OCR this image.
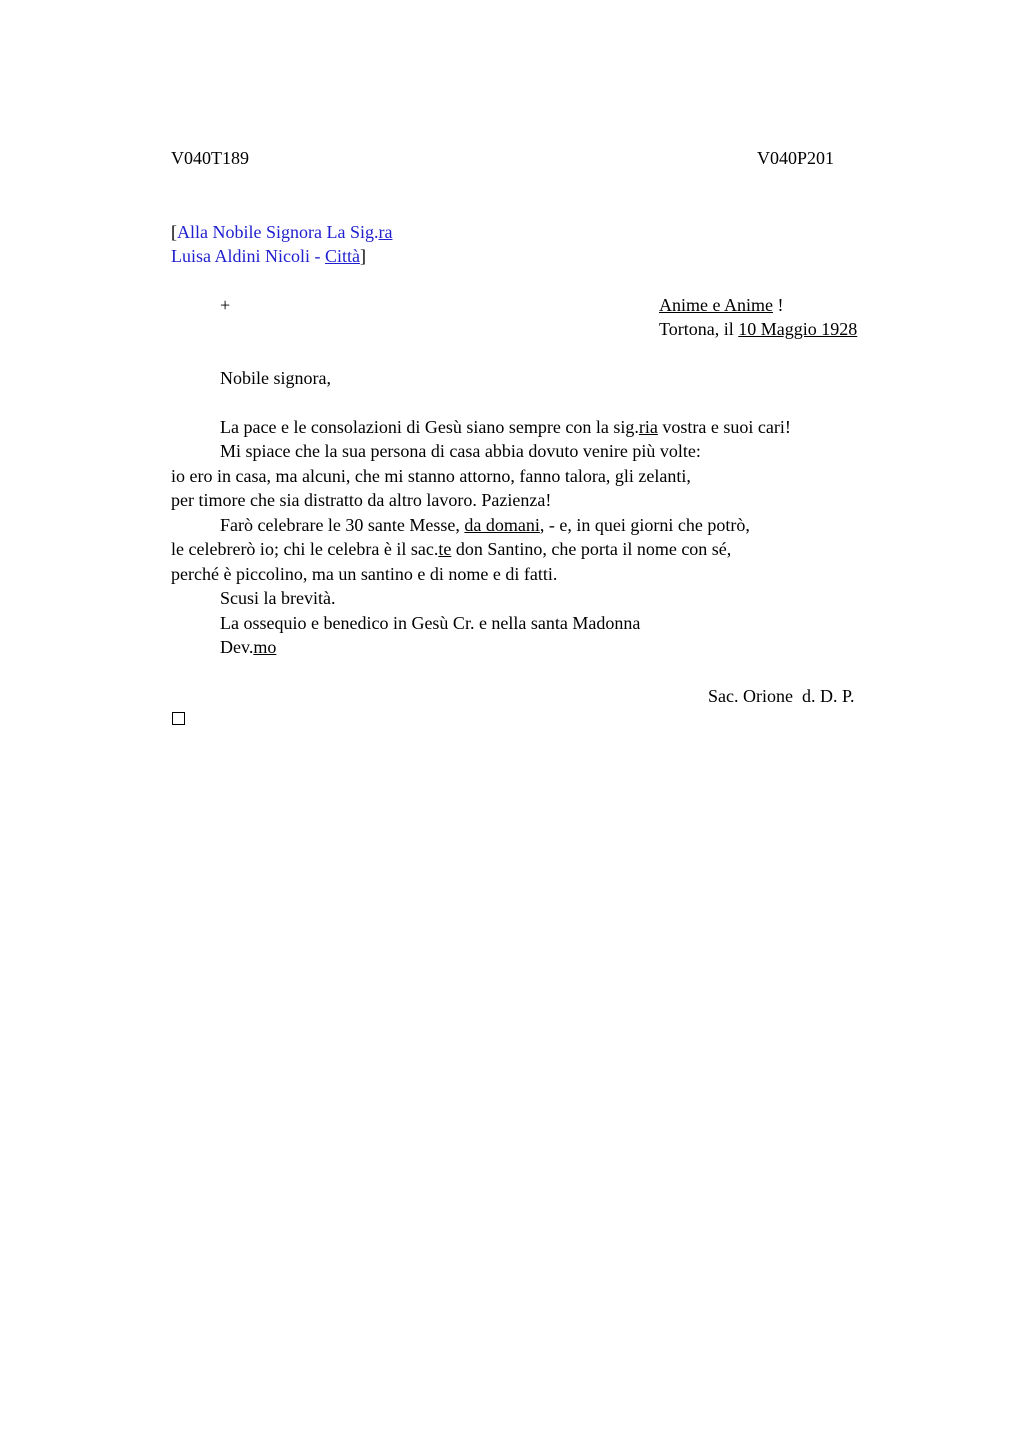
V040T189	V040P201
[Alla Nobile Signora La Sig.ra
Luisa Aldini Nicoli - Città]
+	Anime e Anime !
Tortona, il 10 Maggio 1928
Nobile signora,
La pace e le consolazioni di Gesù siano sempre con la sig.ria vostra e suoi cari!
Mi spiace che la sua persona di casa abbia dovuto venire più volte:
io ero in casa, ma alcuni, che mi stanno attorno, fanno talora, gli zelanti,
per timore che sia distratto da altro lavoro. Pazienza!
Farò celebrare le 30 sante Messe, da domani, - e, in quei giorni che potrò,
le celebrerò io; chi le celebra è il sac.te don Santino, che porta il nome con sé,
perché è piccolino, ma un santino e di nome e di fatti.
Scusi la brevità.
La ossequio e benedico in Gesù Cr. e nella santa Madonna
Dev.mo
Sac. Orione  d. D. P.
